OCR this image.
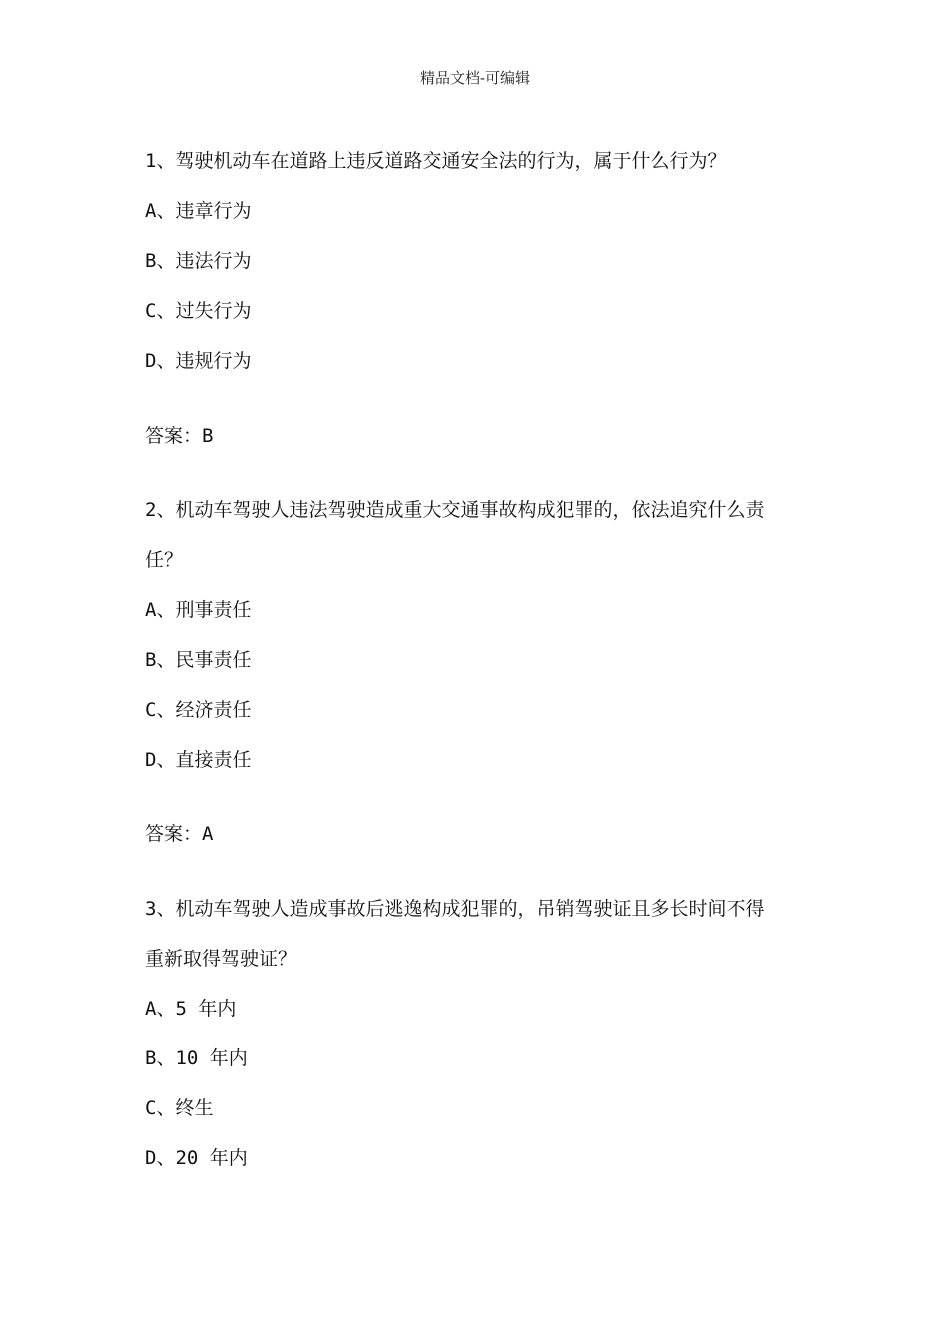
精品文档-可编辑
1、驾驶机动车在道路上违反道路交通安全法的行为，属于什么行为？
A、违章行为
B、违法行为
C、过失行为
D、违规行为
答案：B
2、机动车驾驶人违法驾驶造成重大交通事故构成犯罪的，依法追究什么责
任？
A、刑事责任
B、民事责任
C、经济责任
D、直接责任
答案：A
3、机动车驾驶人造成事故后逃逸构成犯罪的，吊销驾驶证且多长时间不得
重新取得驾驶证？
A、5 年内
B、10 年内
C、终生
D、20 年内
